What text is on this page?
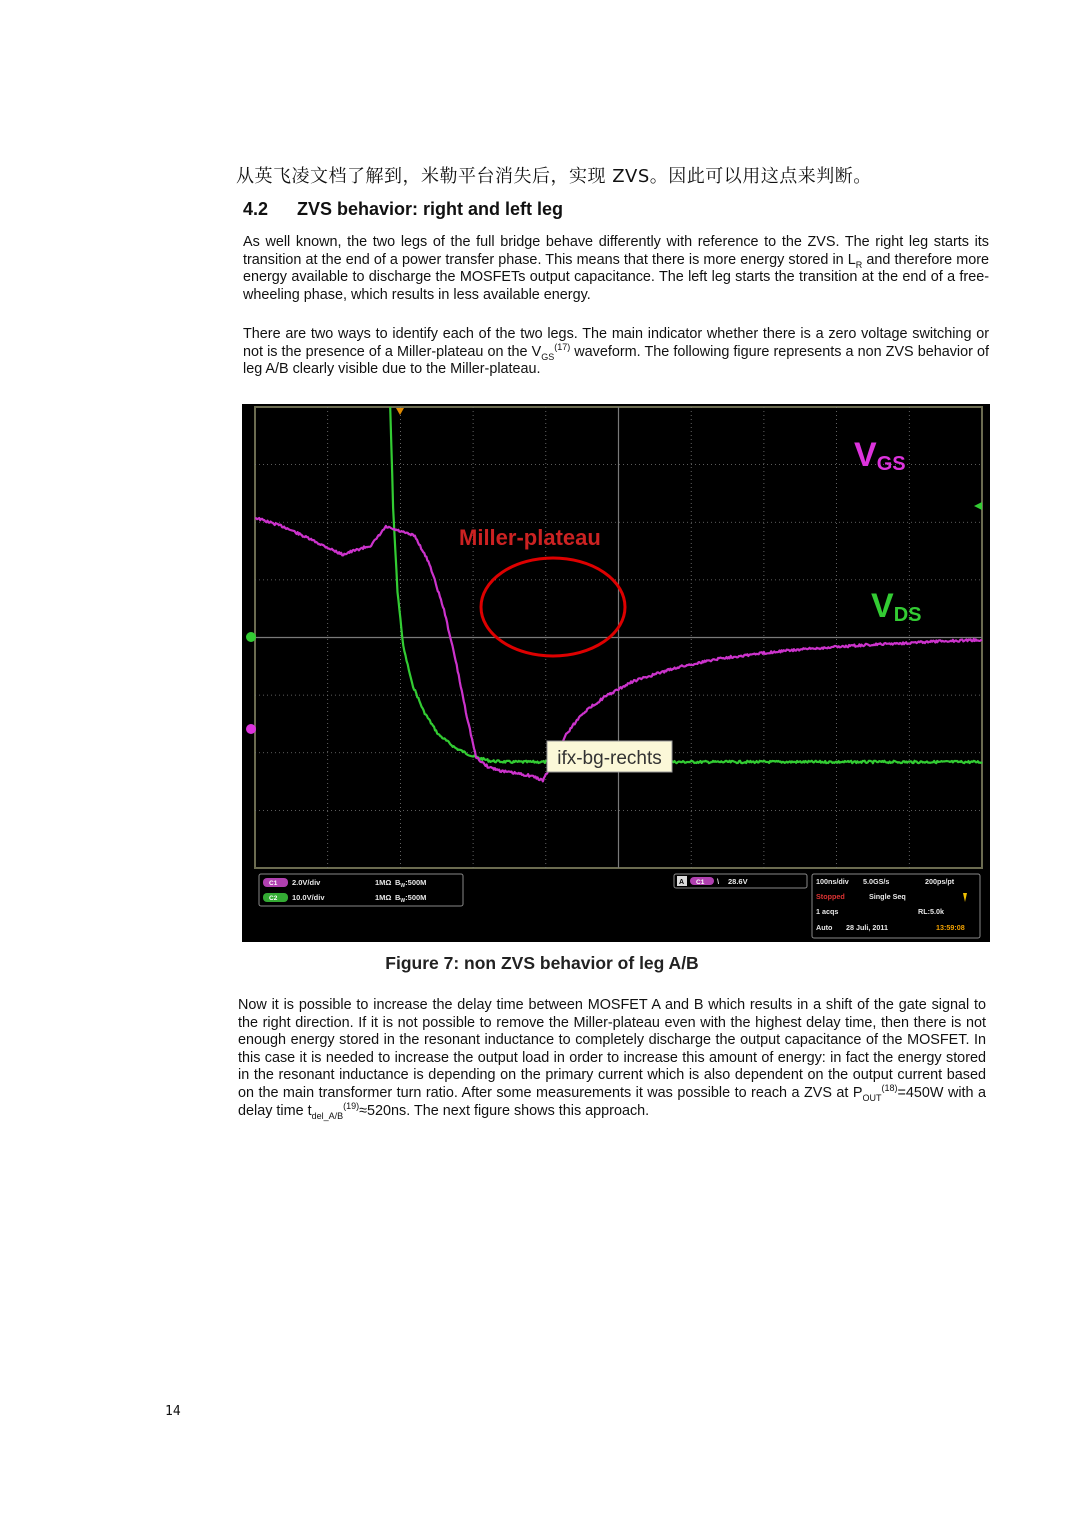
从英飞凌文档了解到，米勒平台消失后，实现 ZVS。因此可以用这点来判断。
4.2 ZVS behavior: right and left leg
As well known, the two legs of the full bridge behave differently with reference to the ZVS. The right leg starts its transition at the end of a power transfer phase. This means that there is more energy stored in $L_R$ and therefore more energy available to discharge the MOSFETs output capacitance. The left leg starts the transition at the end of a free-wheeling phase, which results in less available energy.
There are two ways to identify each of the two legs. The main indicator whether there is a zero voltage switching or not is the presence of a Miller-plateau on the $V_{GS}^{(17)}$ waveform. The following figure represents a non ZVS behavior of leg A/B clearly visible due to the Miller-plateau.
Miller-plateau
VGS
VDS
ifx-bg-rechts
C1 2.0V/div	1MΩ $B_W:500M$
C2 10.0V/div	1MΩ $B_W:500M$
A C1 \ 28.6V	100ns/div 5.0GS/s	200ps/pt
Stopped	Single Seq
1 acqs	RL:5.0k
Auto 28 Juli, 2011	13:59:08
Figure 7: non ZVS behavior of leg A/B
Now it is possible to increase the delay time between MOSFET A and B which results in a shift of the gate signal to the right direction. If it is not possible to remove the Miller-plateau even with the highest delay time, then there is not enough energy stored in the resonant inductance to completely discharge the output capacitance of the MOSFET. In this case it is needed to increase the output load in order to increase this amount of energy: in fact the energy stored in the resonant inductance is depending on the primary current which is also dependent on the output current based on the main transformer turn ratio. After some measurements it was possible to reach a ZVS at $P_{OUT}^{(18)}=450W$ with a delay time $t_{del\_A/B}^{(19)}\approx 520ns$. The next figure shows this approach.
14
